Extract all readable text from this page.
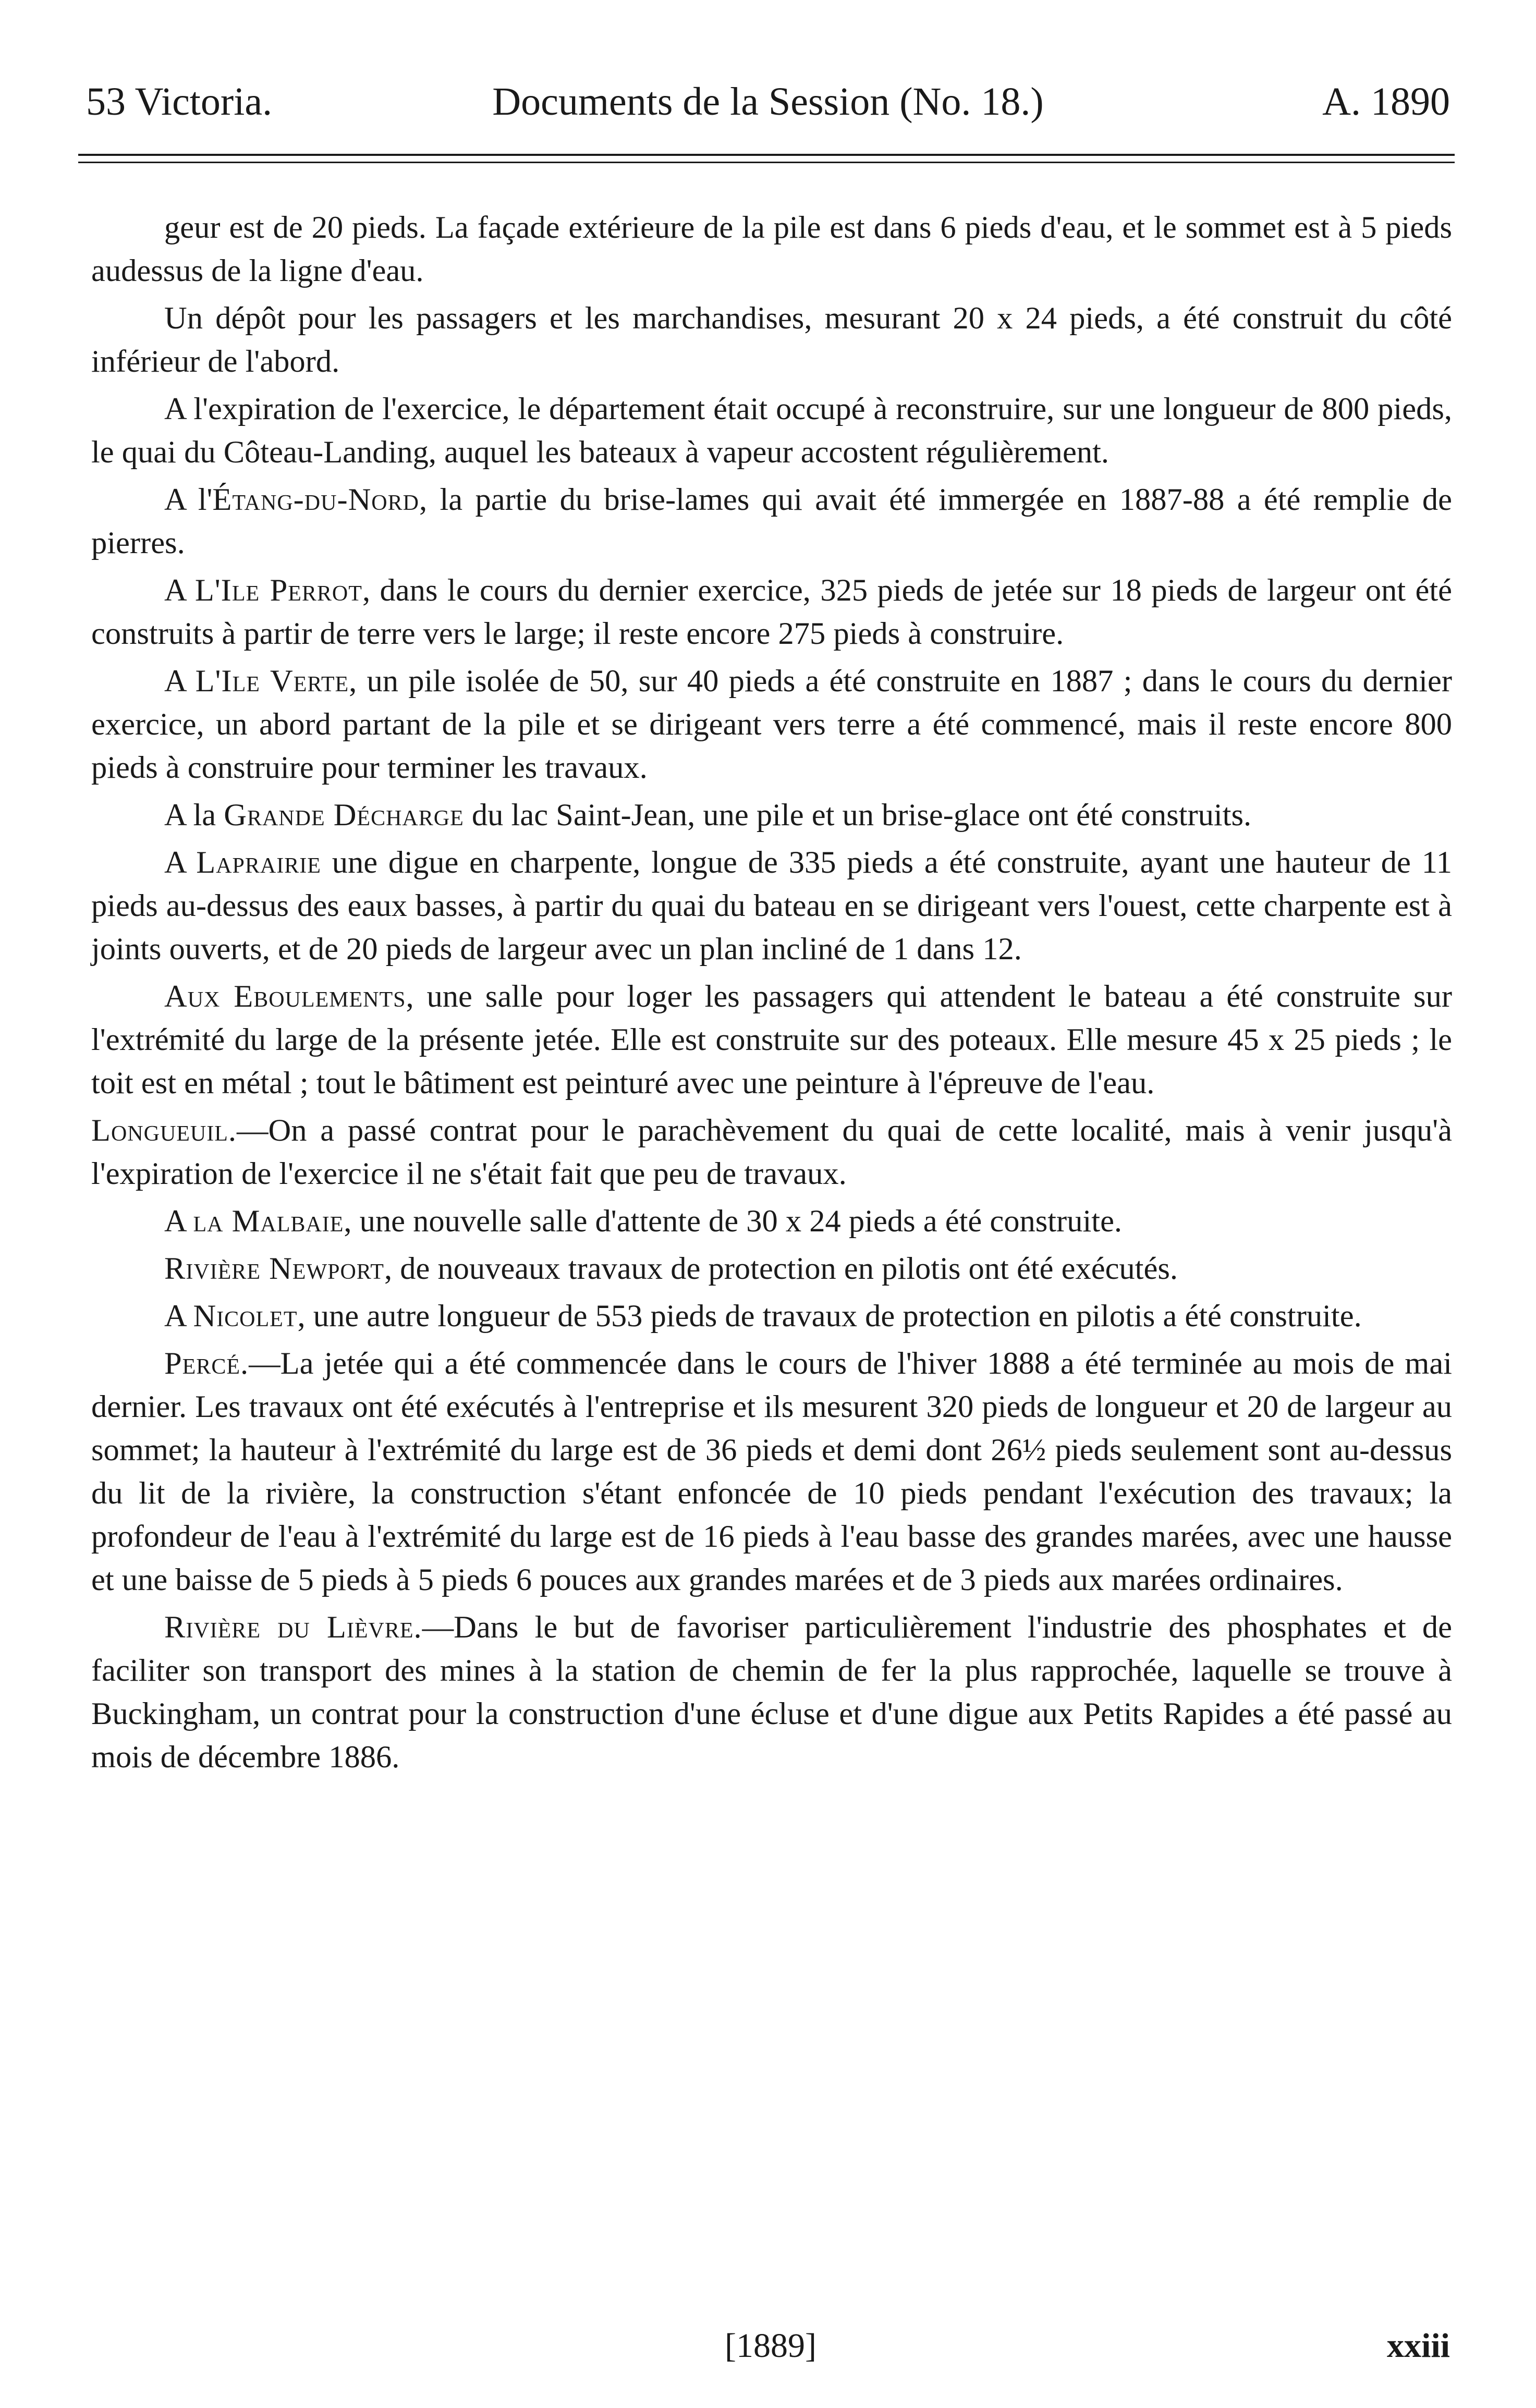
53 Victoria.	Documents de la Session (No. 18.)	A. 1890

geur est de 20 pieds. La façade extérieure de la pile est dans 6 pieds d'eau, et le sommet est à 5 pieds audessus de la ligne d'eau.

Un dépôt pour les passagers et les marchandises, mesurant 20 x 24 pieds, a été construit du côté inférieur de l'abord.

A l'expiration de l'exercice, le département était occupé à reconstruire, sur une longueur de 800 pieds, le quai du Côteau-Landing, auquel les bateaux à vapeur accostent régulièrement.

A l'Étang-du-Nord, la partie du brise-lames qui avait été immergée en 1887-88 a été remplie de pierres.

A L'Ile Perrot, dans le cours du dernier exercice, 325 pieds de jetée sur 18 pieds de largeur ont été construits à partir de terre vers le large; il reste encore 275 pieds à construire.

A L'Ile Verte, un pile isolée de 50, sur 40 pieds a été construite en 1887 ; dans le cours du dernier exercice, un abord partant de la pile et se dirigeant vers terre a été commencé, mais il reste encore 800 pieds à construire pour terminer les travaux.

A la Grande Décharge du lac Saint-Jean, une pile et un brise-glace ont été construits.

A Laprairie une digue en charpente, longue de 335 pieds a été construite, ayant une hauteur de 11 pieds au-dessus des eaux basses, à partir du quai du bateau en se dirigeant vers l'ouest, cette charpente est à joints ouverts, et de 20 pieds de largeur avec un plan incliné de 1 dans 12.

Aux Eboulements, une salle pour loger les passagers qui attendent le bateau a été construite sur l'extrémité du large de la présente jetée. Elle est construite sur des poteaux. Elle mesure 45 x 25 pieds ; le toit est en métal ; tout le bâtiment est peinturé avec une peinture à l'épreuve de l'eau.

Longueuil.—On a passé contrat pour le parachèvement du quai de cette localité, mais à venir jusqu'à l'expiration de l'exercice il ne s'était fait que peu de travaux.

A la Malbaie, une nouvelle salle d'attente de 30 x 24 pieds a été construite.

Rivière Newport, de nouveaux travaux de protection en pilotis ont été exécutés.

A Nicolet, une autre longueur de 553 pieds de travaux de protection en pilotis a été construite.

Percé.—La jetée qui a été commencée dans le cours de l'hiver 1888 a été terminée au mois de mai dernier. Les travaux ont été exécutés à l'entreprise et ils mesurent 320 pieds de longueur et 20 de largeur au sommet; la hauteur à l'extrémité du large est de 36 pieds et demi dont 26½ pieds seulement sont au-dessus du lit de la rivière, la construction s'étant enfoncée de 10 pieds pendant l'exécution des travaux; la profondeur de l'eau à l'extrémité du large est de 16 pieds à l'eau basse des grandes marées, avec une hausse et une baisse de 5 pieds à 5 pieds 6 pouces aux grandes marées et de 3 pieds aux marées ordinaires.

Rivière du Lièvre.—Dans le but de favoriser particulièrement l'industrie des phosphates et de faciliter son transport des mines à la station de chemin de fer la plus rapprochée, laquelle se trouve à Buckingham, un contrat pour la construction d'une écluse et d'une digue aux Petits Rapides a été passé au mois de décembre 1886.

[1889]	xxiii
